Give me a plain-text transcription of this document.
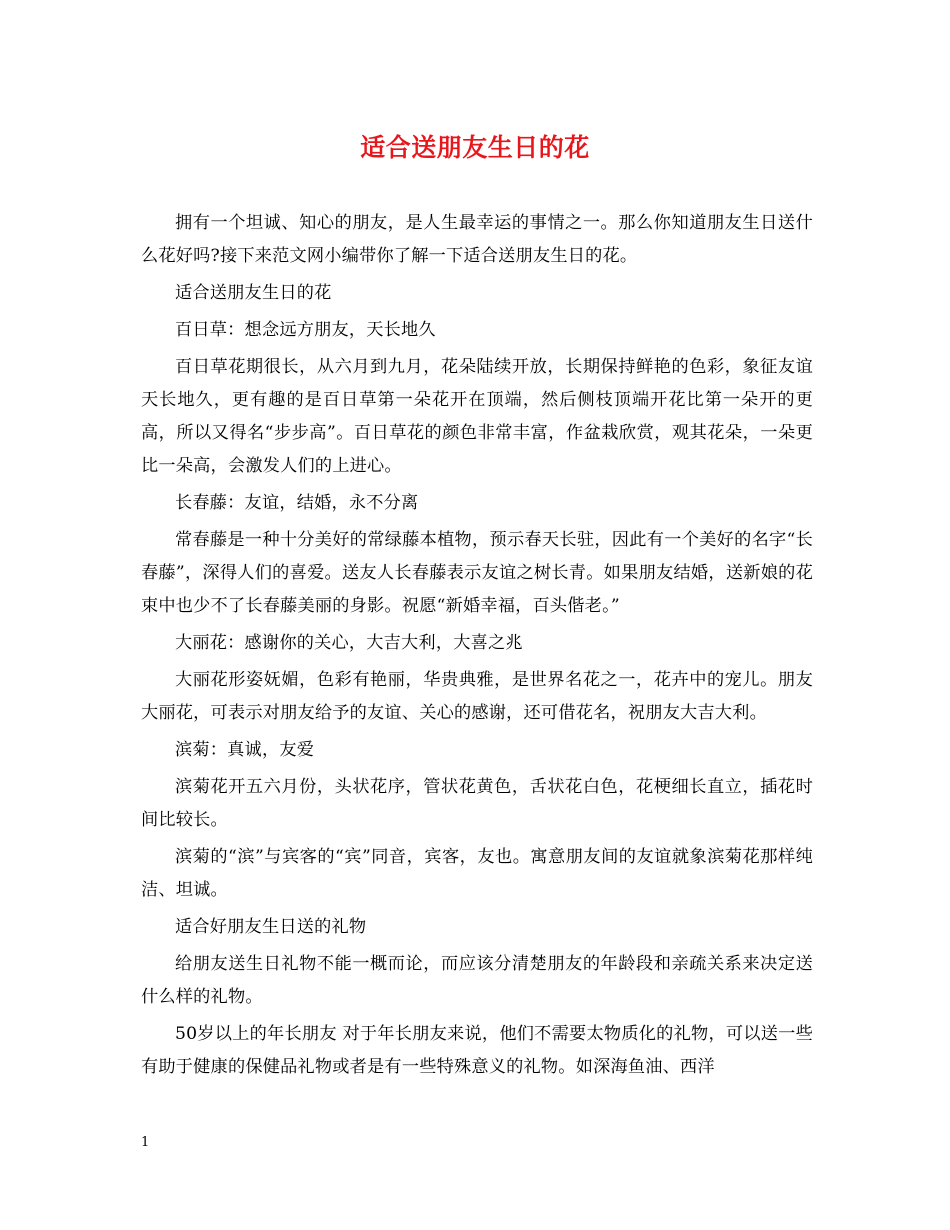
适合送朋友生日的花

拥有一个坦诚、知心的朋友，是人生最幸运的事情之一。那么你知道朋友生日送什么花好吗?接下来范文网小编带你了解一下适合送朋友生日的花。

适合送朋友生日的花

百日草：想念远方朋友，天长地久

百日草花期很长，从六月到九月，花朵陆续开放，长期保持鲜艳的色彩，象征友谊天长地久，更有趣的是百日草第一朵花开在顶端，然后侧枝顶端开花比第一朵开的更高，所以又得名“步步高”。百日草花的颜色非常丰富，作盆栽欣赏，观其花朵，一朵更比一朵高，会激发人们的上进心。

长春藤：友谊，结婚，永不分离

常春藤是一种十分美好的常绿藤本植物，预示春天长驻，因此有一个美好的名字“长春藤”，深得人们的喜爱。送友人长春藤表示友谊之树长青。如果朋友结婚，送新娘的花束中也少不了长春藤美丽的身影。祝愿“新婚幸福，百头偕老。”

大丽花：感谢你的关心，大吉大利，大喜之兆

大丽花形姿妩媚，色彩有艳丽，华贵典雅，是世界名花之一，花卉中的宠儿。朋友大丽花，可表示对朋友给予的友谊、关心的感谢，还可借花名，祝朋友大吉大利。

滨菊：真诚，友爱

滨菊花开五六月份，头状花序，管状花黄色，舌状花白色，花梗细长直立，插花时间比较长。

滨菊的“滨”与宾客的“宾”同音，宾客，友也。寓意朋友间的友谊就象滨菊花那样纯洁、坦诚。

适合好朋友生日送的礼物

给朋友送生日礼物不能一概而论，而应该分清楚朋友的年龄段和亲疏关系来决定送什么样的礼物。

50岁以上的年长朋友 对于年长朋友来说，他们不需要太物质化的礼物，可以送一些有助于健康的保健品礼物或者是有一些特殊意义的礼物。如深海鱼油、西洋

1
